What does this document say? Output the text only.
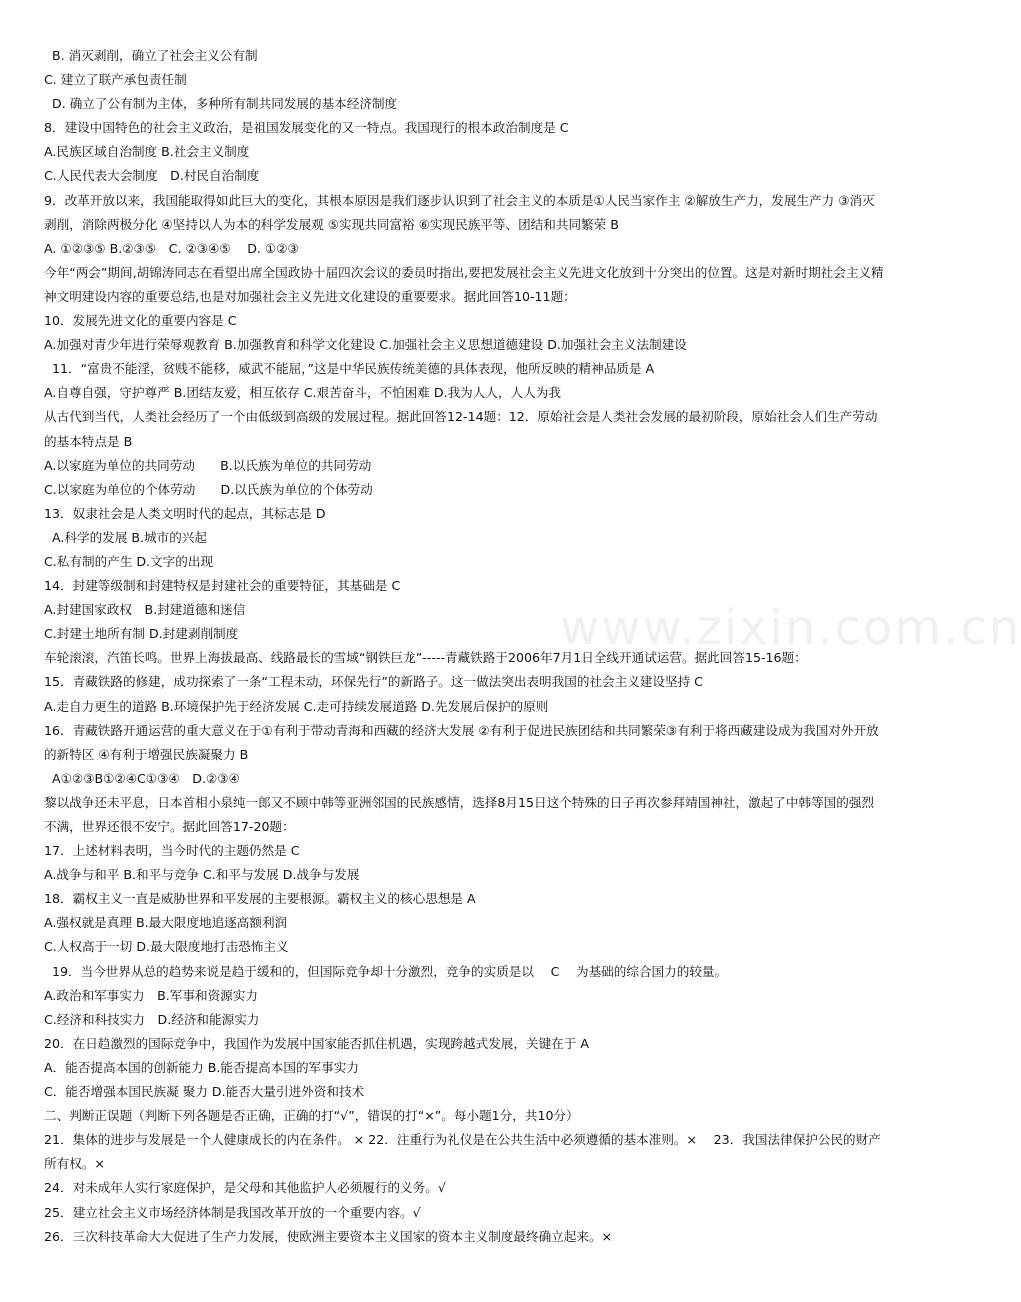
B. 消灭剥削，确立了社会主义公有制

C. 建立了联产承包责任制

D. 确立了公有制为主体，多种所有制共同发展的基本经济制度

8．建设中国特色的社会主义政治，是祖国发展变化的又一特点。我国现行的根本政治制度是 C

A.民族区域自治制度 B.社会主义制度

C.人民代表大会制度　D.村民自治制度

9．改革开放以来，我国能取得如此巨大的变化，其根本原因是我们逐步认识到了社会主义的本质是①人民当家作主 ②解放生产力，发展生产力 ③消灭剥削，消除两极分化 ④坚持以人为本的科学发展观 ⑤实现共同富裕 ⑥实现民族平等、团结和共同繁荣 B

A. ①②③⑤ B.②③⑤　C. ②③④⑤　 D. ①②③

今年“两会”期间,胡锦涛同志在看望出席全国政协十届四次会议的委员时指出,要把发展社会主义先进文化放到十分突出的位置。这是对新时期社会主义精神文明建设内容的重要总结,也是对加强社会主义先进文化建设的重要要求。据此回答10-11题：

10．发展先进文化的重要内容是 C

A.加强对青少年进行荣辱观教育 B.加强教育和科学文化建设 C.加强社会主义思想道德建设 D.加强社会主义法制建设

11．“富贵不能淫，贫贱不能移，威武不能屈，”这是中华民族传统美德的具体表现，他所反映的精神品质是 A

A.自尊自强，守护尊严 B.团结友爱，相互依存 C.艰苦奋斗，不怕困难 D.我为人人，人人为我

从古代到当代，人类社会经历了一个由低级到高级的发展过程。据此回答12-14题：12．原始社会是人类社会发展的最初阶段，原始社会人们生产劳动的基本特点是 B

A.以家庭为单位的共同劳动　　B.以氏族为单位的共同劳动

C.以家庭为单位的个体劳动　　D.以氏族为单位的个体劳动

13．奴隶社会是人类文明时代的起点，其标志是 D

A.科学的发展 B.城市的兴起

C.私有制的产生 D.文字的出现

14．封建等级制和封建特权是封建社会的重要特征，其基础是 C

A.封建国家政权　B.封建道德和迷信

C.封建土地所有制 D.封建剥削制度

车轮滚滚，汽笛长鸣。世界上海拔最高、线路最长的雪域“钢铁巨龙”-----青藏铁路于2006年7月1日全线开通试运营。据此回答15-16题：

15．青藏铁路的修建，成功探索了一条“工程未动，环保先行”的新路子。这一做法突出表明我国的社会主义建设坚持 C

A.走自力更生的道路 B.环境保护先于经济发展 C.走可持续发展道路 D.先发展后保护的原则

16．青藏铁路开通运营的重大意义在于①有利于带动青海和西藏的经济大发展 ②有利于促进民族团结和共同繁荣③有利于将西藏建设成为我国对外开放的新特区 ④有利于增强民族凝聚力 B

A①②③B①②④C①③④　D.②③④

黎以战争还未平息，日本首相小泉纯一郎又不顾中韩等亚洲邻国的民族感情，选择8月15日这个特殊的日子再次参拜靖国神社，激起了中韩等国的强烈不满，世界还很不安宁。据此回答17-20题：

17．上述材料表明，当今时代的主题仍然是 C

A.战争与和平 B.和平与竞争 C.和平与发展 D.战争与发展

18．霸权主义一直是威胁世界和平发展的主要根源。霸权主义的核心思想是 A

A.强权就是真理 B.最大限度地追逐高额利润

C.人权高于一切 D.最大限度地打击恐怖主义

19．当今世界从总的趋势来说是趋于缓和的，但国际竞争却十分激烈，竞争的实质是以　 C　 为基础的综合国力的较量。

A.政治和军事实力　B.军事和资源实力

C.经济和科技实力　D.经济和能源实力

20．在日趋激烈的国际竞争中，我国作为发展中国家能否抓住机遇，实现跨越式发展，关键在于 A

A．能否提高本国的创新能力 B.能否提高本国的军事实力

C．能否增强本国民族凝 聚力 D.能否大量引进外资和技术

二、判断正误题（判断下列各题是否正确，正确的打“√”，错误的打“×”。每小题1分，共10分）

21．集体的进步与发展是一个人健康成长的内在条件。 × 22．注重行为礼仪是在公共生活中必须遵循的基本准则。×　 23．我国法律保护公民的财产所有权。×

24．对未成年人实行家庭保护，是父母和其他监护人必须履行的义务。√

25．建立社会主义市场经济体制是我国改革开放的一个重要内容。√

26．三次科技革命大大促进了生产力发展，使欧洲主要资本主义国家的资本主义制度最终确立起来。×

www.zixin.com.cn
